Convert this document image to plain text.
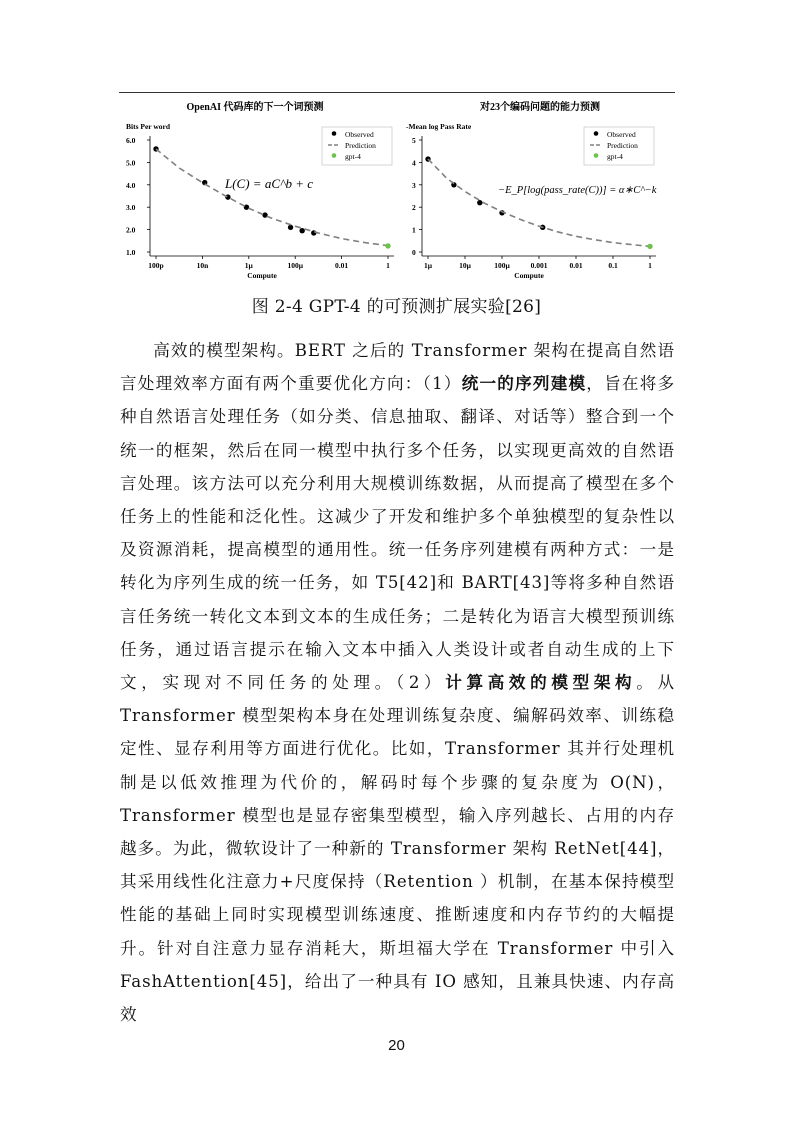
OpenAI 代码库的下一个词预测
Bits Per word
Compute
1.0
2.0
3.0
4.0
5.0
6.0
100p	10n	1μ	100μ	0.01	1
L(C) = aC^b + c
Observed
Prediction
gpt-4
对23个编码问题的能力预测
-Mean log Pass Rate
Compute
0
1
2
3
4
5
1μ	10μ	100μ	0.001	0.01	0.1	1
−E_P[log(pass_rate(C))] = α∗C^−k
Observed
Prediction
gpt-4
图 2-4 GPT-4 的可预测扩展实验[26]

高效的模型架构。BERT 之后的 Transformer 架构在提高自然语言处理效率方面有两个重要优化方向：（1）统一的序列建模，旨在将多种自然语言处理任务（如分类、信息抽取、翻译、对话等）整合到一个统一的框架，然后在同一模型中执行多个任务，以实现更高效的自然语言处理。该方法可以充分利用大规模训练数据，从而提高了模型在多个任务上的性能和泛化性。这减少了开发和维护多个单独模型的复杂性以及资源消耗，提高模型的通用性。统一任务序列建模有两种方式：一是转化为序列生成的统一任务，如 T5[42]和 BART[43]等将多种自然语言任务统一转化文本到文本的生成任务；二是转化为语言大模型预训练任务，通过语言提示在输入文本中插入人类设计或者自动生成的上下文，实现对不同任务的处理。（2）计算高效的模型架构。从 Transformer 模型架构本身在处理训练复杂度、编解码效率、训练稳定性、显存利用等方面进行优化。比如，Transformer 其并行处理机制是以低效推理为代价的，解码时每个步骤的复杂度为 O(N)，Transformer 模型也是显存密集型模型，输入序列越长、占用的内存越多。为此，微软设计了一种新的 Transformer 架构 RetNet[44]，其采用线性化注意力+尺度保持（Retention ）机制，在基本保持模型性能的基础上同时实现模型训练速度、推断速度和内存节约的大幅提升。针对自注意力显存消耗大，斯坦福大学在 Transformer 中引入 FashAttention[45]，给出了一种具有 IO 感知，且兼具快速、内存高效

20
